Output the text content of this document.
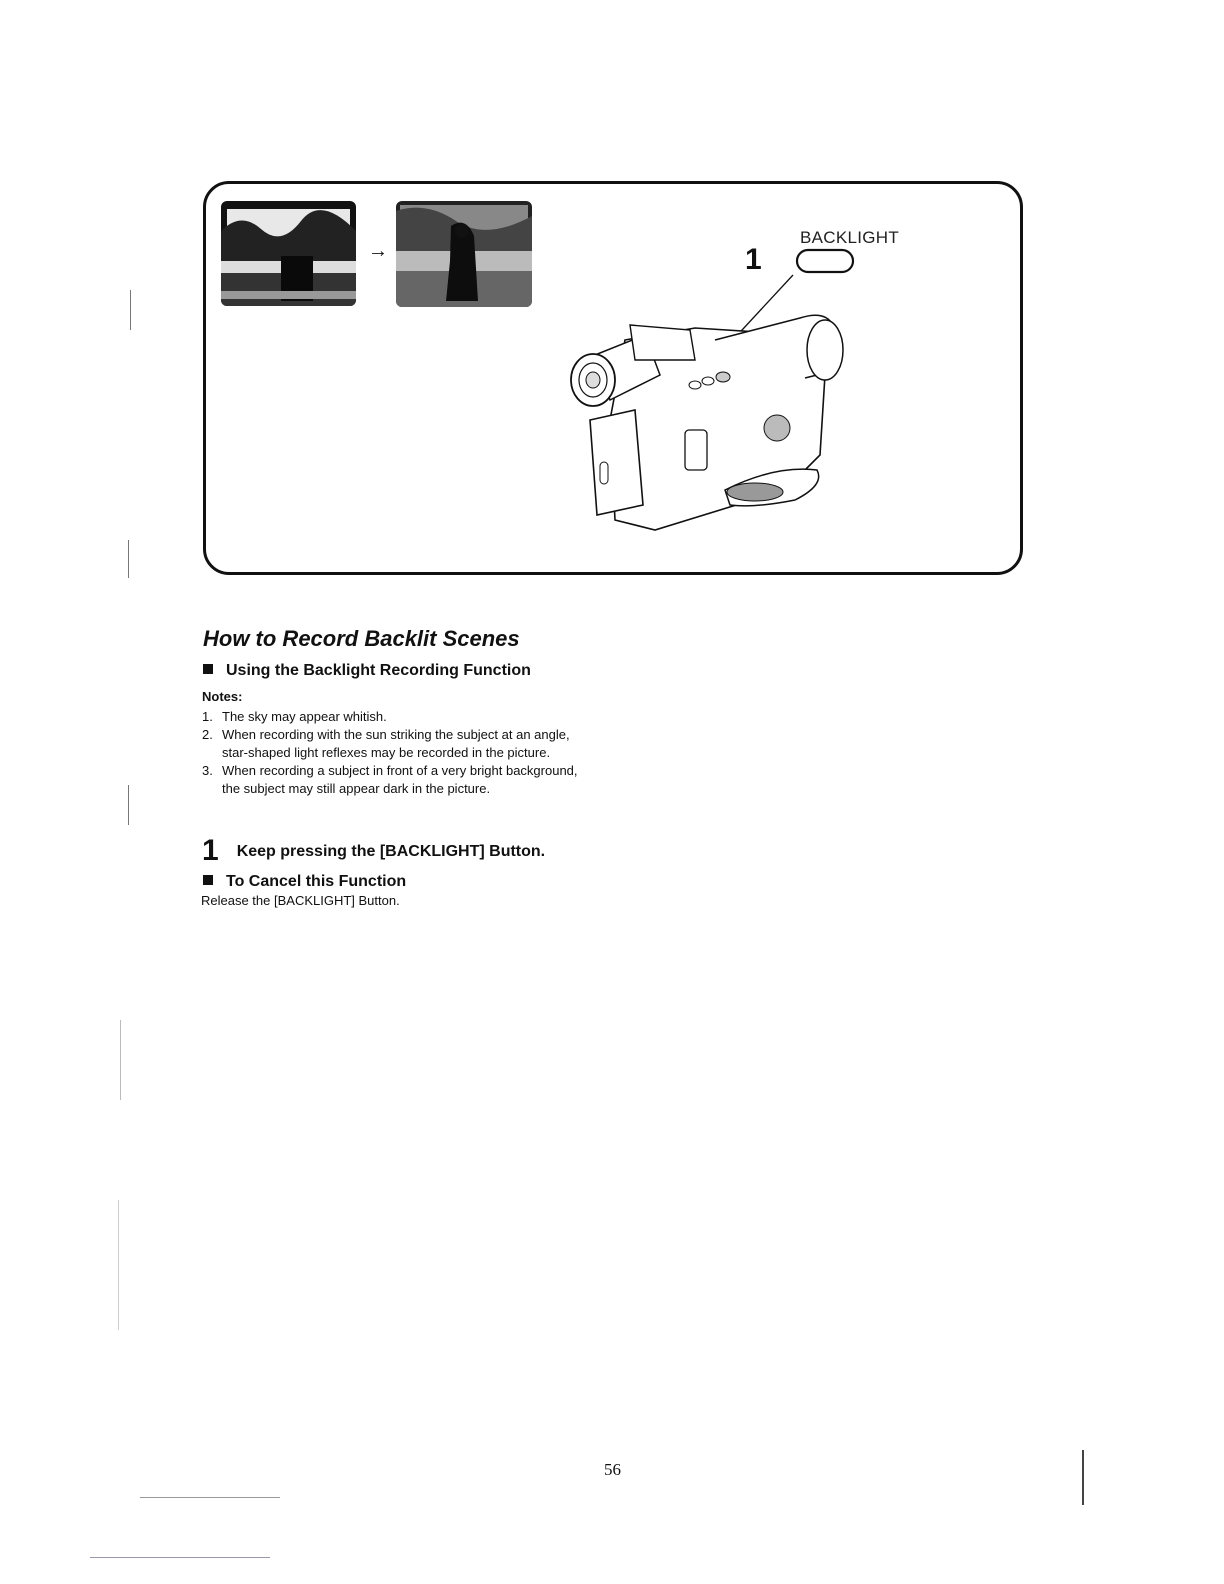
→
BACKLIGHT
1
How to Record Backlit Scenes
Using the Backlight Recording Function
Notes:
1. The sky may appear whitish.
2. When recording with the sun striking the subject at an angle, star-shaped light reflexes may be recorded in the picture.
3. When recording a subject in front of a very bright background, the subject may still appear dark in the picture.
1 Keep pressing the [BACKLIGHT] Button.
To Cancel this Function
Release the [BACKLIGHT] Button.
56
